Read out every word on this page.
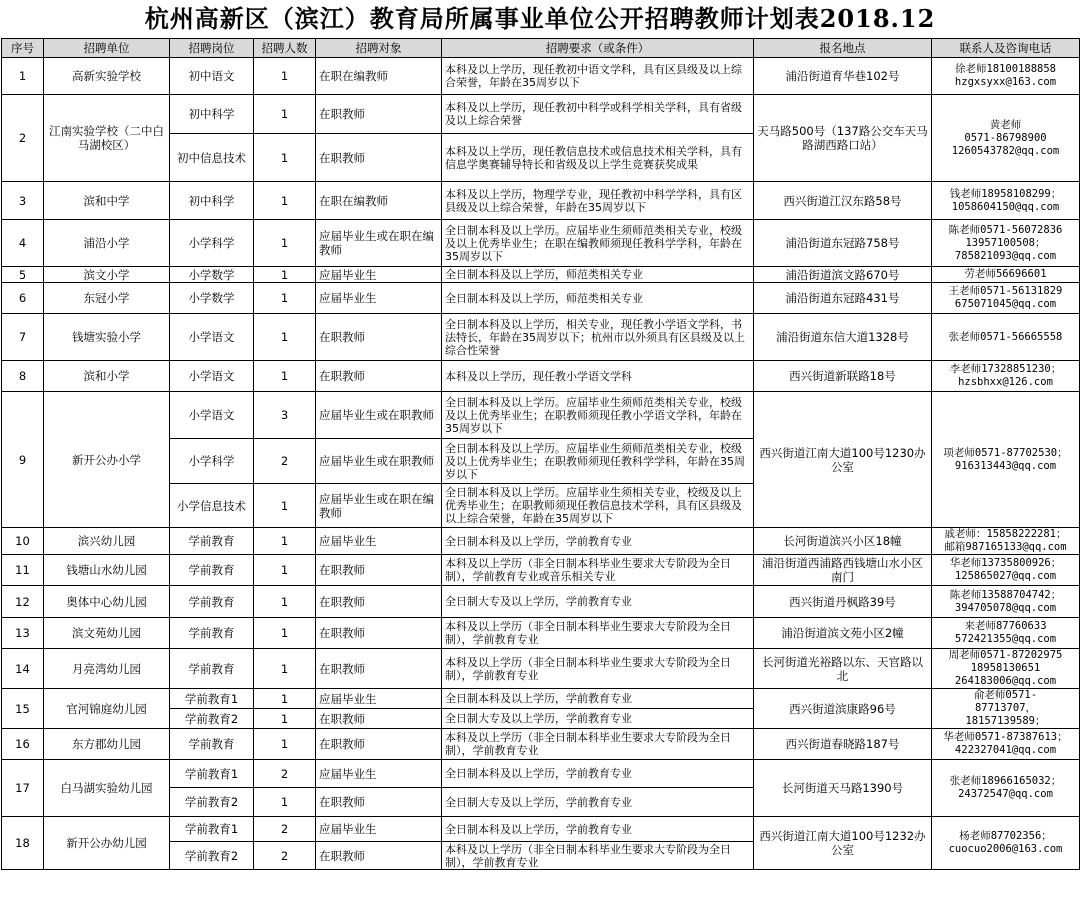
杭州高新区（滨江）教育局所属事业单位公开招聘教师计划表2018.12
序号	招聘单位	招聘岗位	招聘人数	招聘对象	招聘要求（或条件）	报名地点	联系人及咨询电话
1	高新实验学校	初中语文	1	在职在编教师	本科及以上学历，现任教初中语文学科，具有区县级及以上综合荣誉，年龄在35周岁以下	浦沿街道育华巷102号	徐老师18100188858
hzgxsyxx@163.com
2	江南实验学校（二中白马湖校区）	初中科学	1	在职教师	本科及以上学历，现任教初中科学或科学相关学科，具有省级及以上综合荣誉	天马路500号（137路公交车天马路湖西路口站）	黄老师
0571-86798900
1260543782@qq.com
		初中信息技术	1	在职教师	本科及以上学历，现任教信息技术或信息技术相关学科，具有信息学奥赛辅导特长和省级及以上学生竞赛获奖成果		
3	滨和中学	初中科学	1	在职在编教师	本科及以上学历，物理学专业，现任教初中科学学科，具有区县级及以上综合荣誉，年龄在35周岁以下	西兴街道江汉东路58号	钱老师18958108299；
1058604150@qq.com
4	浦沿小学	小学科学	1	应届毕业生或在职在编教师	全日制本科及以上学历。应届毕业生须师范类相关专业，校级及以上优秀毕业生；在职在编教师须现任教科学学科，年龄在35周岁以下	浦沿街道东冠路758号	陈老师0571-56072836
13957100508；
785821093@qq.com
5	滨文小学	小学数学	1	应届毕业生	全日制本科及以上学历，师范类相关专业	浦沿街道滨文路670号	劳老师56696601
6	东冠小学	小学数学	1	应届毕业生	全日制本科及以上学历，师范类相关专业	浦沿街道东冠路431号	王老师0571-56131829
675071045@qq.com
7	钱塘实验小学	小学语文	1	在职教师	全日制本科及以上学历，相关专业，现任教小学语文学科，书法特长，年龄在35周岁以下；杭州市以外须具有区县级及以上综合性荣誉	浦沿街道东信大道1328号	张老师0571-56665558
8	滨和小学	小学语文	1	在职教师	本科及以上学历，现任教小学语文学科	西兴街道新联路18号	李老师17328851230；
hzsbhxx@126.com
9	新开公办小学	小学语文	3	应届毕业生或在职教师	全日制本科及以上学历。应届毕业生须师范类相关专业，校级及以上优秀毕业生；在职教师须现任教小学语文学科，年龄在35周岁以下	西兴街道江南大道100号1230办公室	项老师0571-87702530；
916313443@qq.com
		小学科学	2	应届毕业生或在职教师	全日制本科及以上学历。应届毕业生须师范类相关专业，校级及以上优秀毕业生；在职教师须现任教科学学科，年龄在35周岁以下		
		小学信息技术	1	应届毕业生或在职在编教师	全日制本科及以上学历。应届毕业生须相关专业，校级及以上优秀毕业生；在职教师须现任教信息技术学科，具有区县级及以上综合荣誉，年龄在35周岁以下		
10	滨兴幼儿园	学前教育	1	应届毕业生	全日制本科及以上学历，学前教育专业	长河街道滨兴小区18幢	戚老师：15858222281；
邮箱987165133@qq.com
11	钱塘山水幼儿园	学前教育	1	在职教师	本科及以上学历（非全日制本科毕业生要求大专阶段为全日制），学前教育专业或音乐相关专业	浦沿街道西浦路西钱塘山水小区南门	华老师13735800926；
125865027@qq.com
12	奥体中心幼儿园	学前教育	1	在职教师	全日制大专及以上学历，学前教育专业	西兴街道丹枫路39号	陈老师13588704742；
394705078@qq.com
13	滨文苑幼儿园	学前教育	1	在职教师	本科及以上学历（非全日制本科毕业生要求大专阶段为全日制），学前教育专业	浦沿街道滨文苑小区2幢	来老师87760633
572421355@qq.com
14	月亮湾幼儿园	学前教育	1	在职教师	本科及以上学历（非全日制本科毕业生要求大专阶段为全日制），学前教育专业	长河街道光裕路以东、天官路以北	周老师0571-87202975
18958130651
264183006@qq.com
15	官河锦庭幼儿园	学前教育1	1	应届毕业生	全日制本科及以上学历，学前教育专业	西兴街道滨康路96号	俞老师0571-
87713707，18157139589；
		学前教育2	1	在职教师	全日制大专及以上学历，学前教育专业		
16	东方郡幼儿园	学前教育	1	在职教师	本科及以上学历（非全日制本科毕业生要求大专阶段为全日制），学前教育专业	西兴街道春晓路187号	华老师0571-87387613；
422327041@qq.com
17	白马湖实验幼儿园	学前教育1	2	应届毕业生	全日制本科及以上学历，学前教育专业	长河街道天马路1390号	张老师18966165032；
24372547@qq.com
		学前教育2	1	在职教师	全日制大专及以上学历，学前教育专业		
18	新开公办幼儿园	学前教育1	2	应届毕业生	全日制本科及以上学历，学前教育专业	西兴街道江南大道100号1232办公室	杨老师87702356；
cuocuo2006@163.com
		学前教育2	2	在职教师	本科及以上学历（非全日制本科毕业生要求大专阶段为全日制），学前教育专业		
